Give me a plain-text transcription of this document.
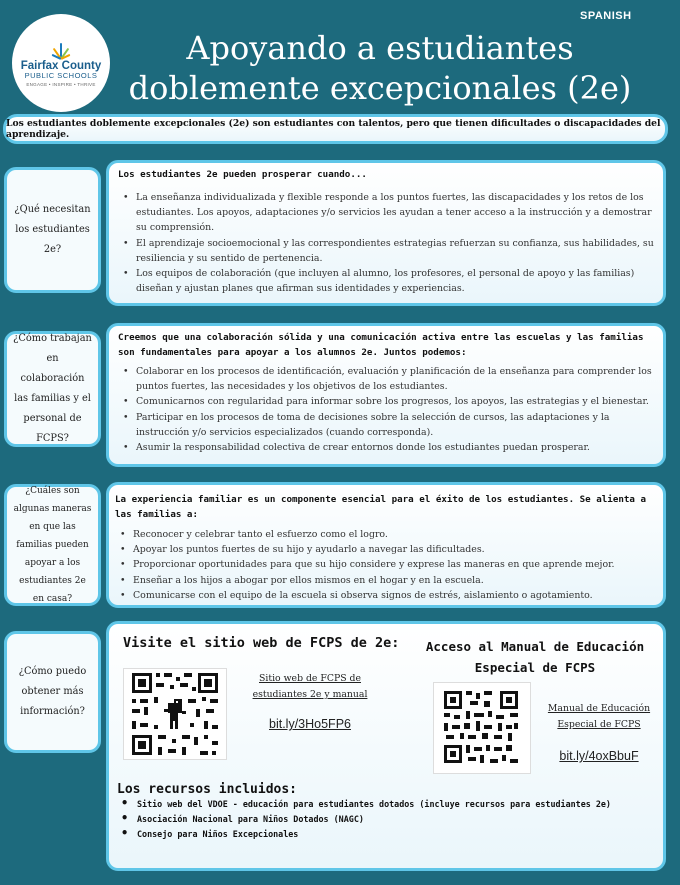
SPANISH
Fairfax County
PUBLIC SCHOOLS
ENGAGE • INSPIRE • THRIVE
Apoyando a estudiantes doblemente excepcionales (2e)
Los estudiantes doblemente excepcionales (2e) son estudiantes con talentos, pero que tienen dificultades o discapacidades del aprendizaje.
¿Qué necesitan los estudiantes 2e?
Los estudiantes 2e pueden prosperar cuando...
• La enseñanza individualizada y flexible responde a los puntos fuertes, las discapacidades y los retos de los estudiantes. Los apoyos, adaptaciones y/o servicios les ayudan a tener acceso a la instrucción y a demostrar su comprensión.
• El aprendizaje socioemocional y las correspondientes estrategias refuerzan su confianza, sus habilidades, su resiliencia y su sentido de pertenencia.
• Los equipos de colaboración (que incluyen al alumno, los profesores, el personal de apoyo y las familias) diseñan y ajustan planes que afirman sus identidades y experiencias.
¿Cómo trabajan en colaboración las familias y el personal de FCPS?
Creemos que una colaboración sólida y una comunicación activa entre las escuelas y las familias son fundamentales para apoyar a los alumnos 2e. Juntos podemos:
• Colaborar en los procesos de identificación, evaluación y planificación de la enseñanza para comprender los puntos fuertes, las necesidades y los objetivos de los estudiantes.
• Comunicarnos con regularidad para informar sobre los progresos, los apoyos, las estrategias y el bienestar.
• Participar en los procesos de toma de decisiones sobre la selección de cursos, las adaptaciones y la instrucción y/o servicios especializados (cuando corresponda).
• Asumir la responsabilidad colectiva de crear entornos donde los estudiantes puedan prosperar.
¿Cuáles son algunas maneras en que las familias pueden apoyar a los estudiantes 2e en casa?
La experiencia familiar es un componente esencial para el éxito de los estudiantes. Se alienta a las familias a:
• Reconocer y celebrar tanto el esfuerzo como el logro.
• Apoyar los puntos fuertes de su hijo y ayudarlo a navegar las dificultades.
• Proporcionar oportunidades para que su hijo considere y exprese las maneras en que aprende mejor.
• Enseñar a los hijos a abogar por ellos mismos en el hogar y en la escuela.
• Comunicarse con el equipo de la escuela si observa signos de estrés, aislamiento o agotamiento.
¿Cómo puedo obtener más información?
Visite el sitio web de FCPS de 2e:
Sitio web de FCPS de
estudiantes 2e y manual
bit.ly/3Ho5FP6
Acceso al Manual de Educación Especial de FCPS
Manual de Educación Especial de FCPS
bit.ly/4oxBbuF
Los recursos incluidos:
• Sitio web del VDOE - educación para estudiantes dotados (incluye recursos para estudiantes 2e)
• Asociación Nacional para Niños Dotados (NAGC)
• Consejo para Niños Excepcionales
